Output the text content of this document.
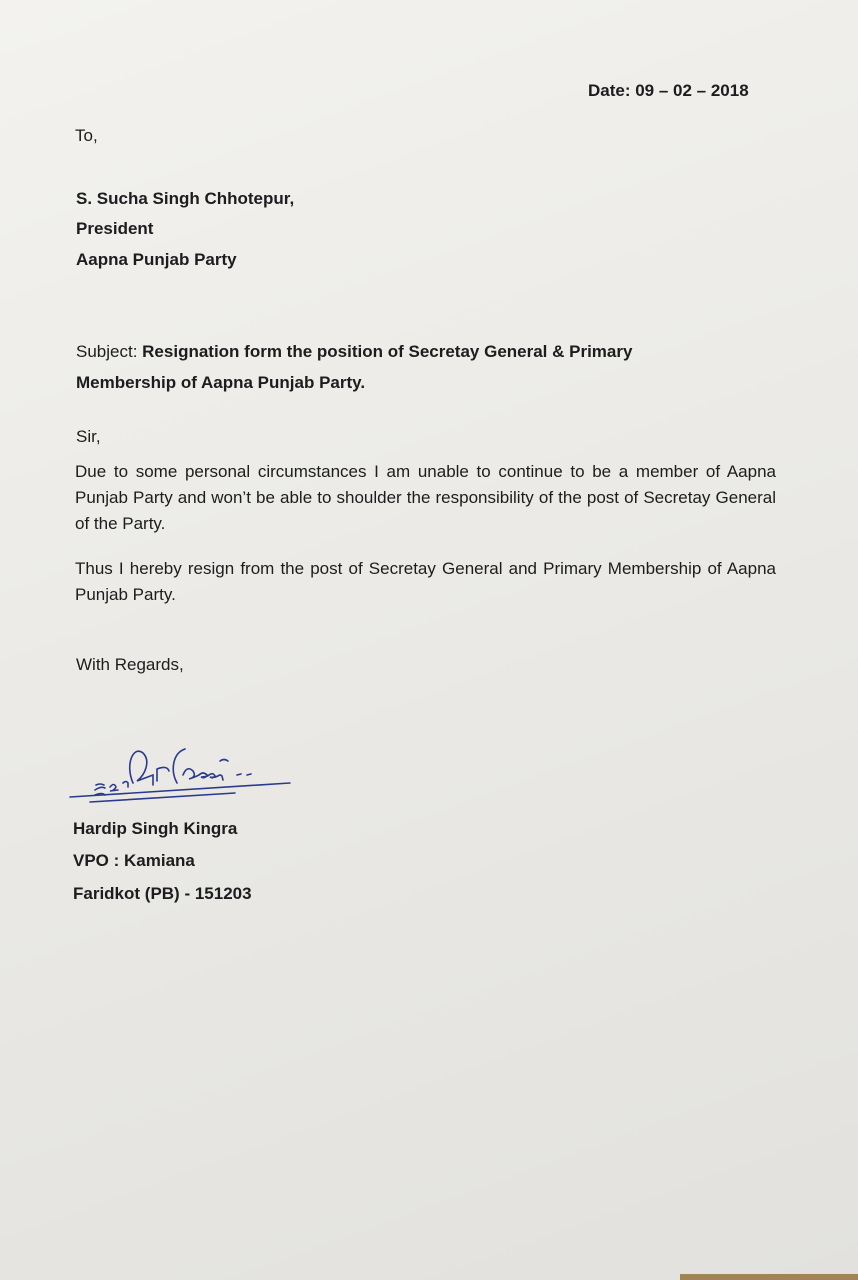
Date: 09 – 02 – 2018
To,
S. Sucha Singh Chhotepur,
President
Aapna Punjab Party
Subject: Resignation form the position of Secretay General & Primary
Membership of Aapna Punjab Party.
Sir,
Due to some personal circumstances I am unable to continue to be a member of Aapna Punjab Party and won’t be able to shoulder the responsibility of the post of Secretay General of the Party.
Thus I hereby resign from the post of Secretay General and Primary Membership of Aapna Punjab Party.
With Regards,
Hardip Singh Kingra
VPO : Kamiana
Faridkot (PB) - 151203
